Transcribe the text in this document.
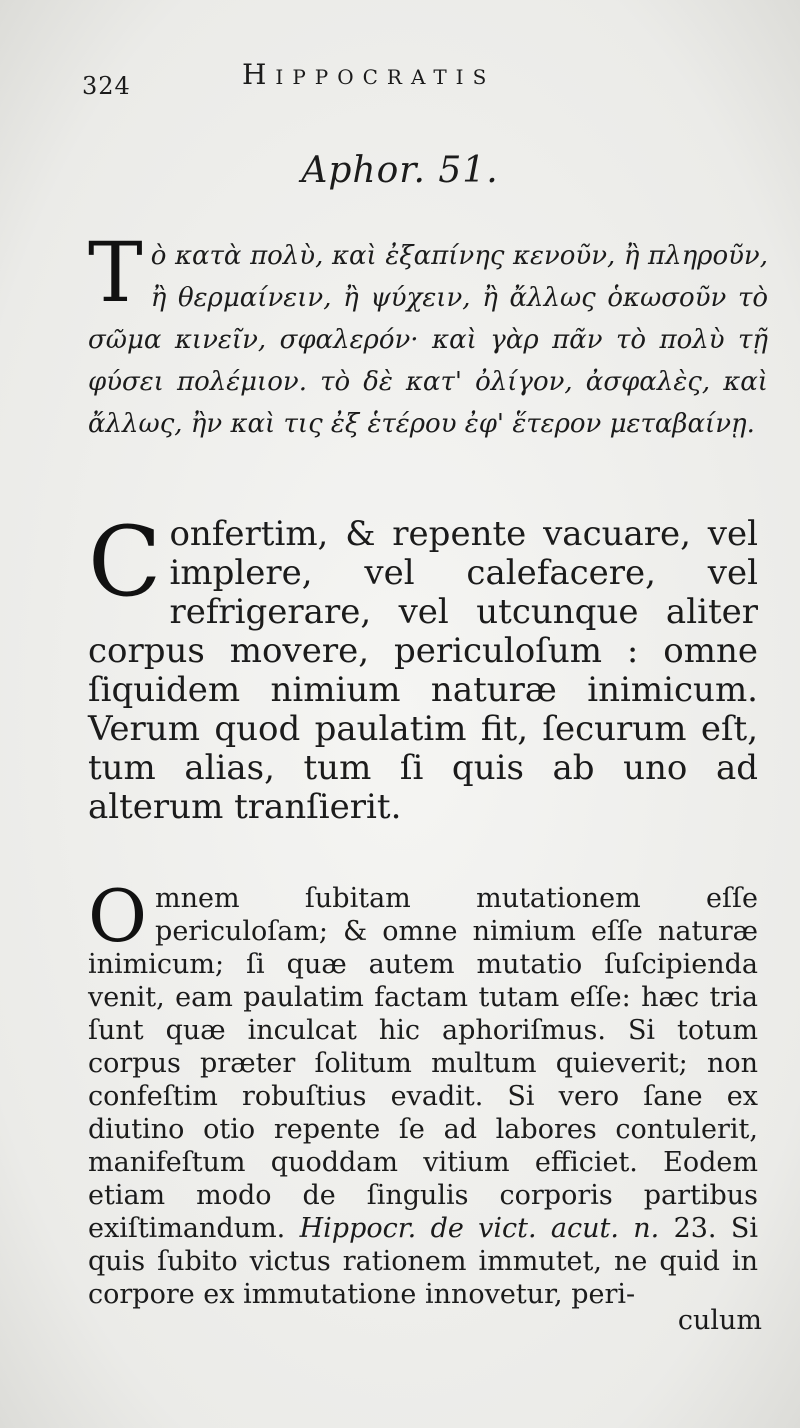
324	Hippocratis
Aphor. 51.
T ὸ κατὰ πολὺ, καὶ ἐξαπίνης κενοῦν, ἢ πληροῦν, ἢ θερμαίνειν, ἢ ψύχειν, ἢ ἄλλως ὁκωσοῦν τὸ σῶμα κινεῖν, σφαλερόν· καὶ γὰρ πᾶν τὸ πολὺ τῇ φύσει πολέμιον. τὸ δὲ κατ' ὀλίγον, ἀσφαλὲς, καὶ ἄλλως, ἢν καὶ τις ἐξ ἑτέρου ἐφ' ἕτερον μεταβαίνῃ.
C onfertim, & repente vacuare, vel implere, vel calefacere, vel refrigerare, vel utcunque aliter corpus movere, periculoſum : omne ſiquidem nimium naturæ inimicum. Verum quod paulatim fit, ſecurum eſt, tum alias, tum ſi quis ab uno ad alterum tranſierit.
O mnem ſubitam mutationem eſſe periculoſam; & omne nimium eſſe naturæ inimicum; ſi quæ autem mutatio ſuſcipienda venit, eam paulatim factam tutam eſſe: hæc tria ſunt quæ inculcat hic aphoriſmus. Si totum corpus præter ſolitum multum quieverit; non confeſtim robuſtius evadit. Si vero ſane ex diutino otio repente ſe ad labores contulerit, manifeſtum quoddam vitium efficiet. Eodem etiam modo de ſingulis corporis partibus exiſtimandum. Hippocr. de vict. acut. n. 23. Si quis ſubito victus rationem immutet, ne quid in corpore ex immutatione innovetur, peri-
culum
